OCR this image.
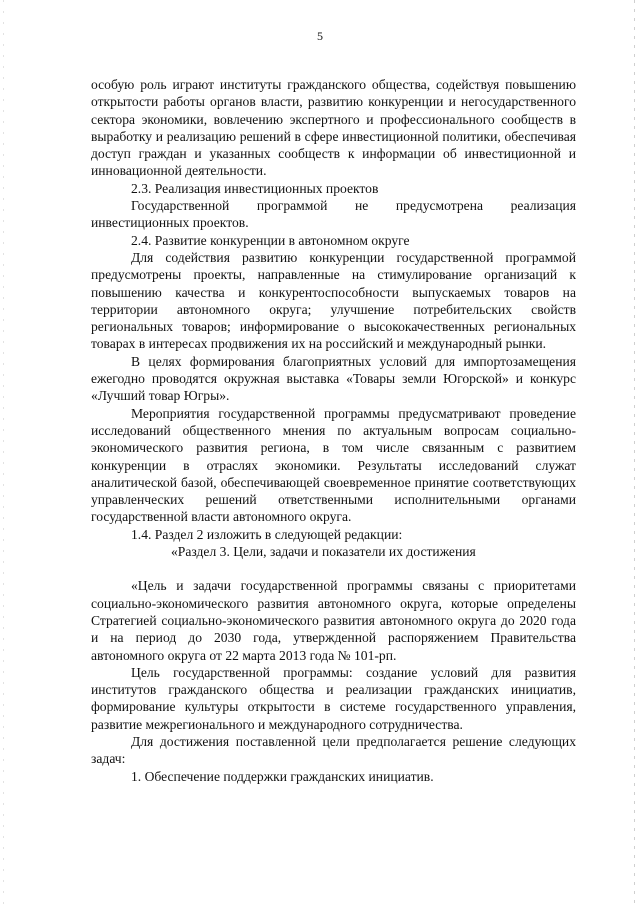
5

особую роль играют институты гражданского общества, содействуя повышению открытости работы органов власти, развитию конкуренции и негосударственного сектора экономики, вовлечению экспертного и профессионального сообществ в выработку и реализацию решений в сфере инвестиционной политики, обеспечивая доступ граждан и указанных сообществ к информации об инвестиционной и инновационной деятельности.

2.3. Реализация инвестиционных проектов

Государственной программой не предусмотрена реализация инвестиционных проектов.

2.4. Развитие конкуренции в автономном округе

Для содействия развитию конкуренции государственной программой предусмотрены проекты, направленные на стимулирование организаций к повышению качества и конкурентоспособности выпускаемых товаров на территории автономного округа; улучшение потребительских свойств региональных товаров; информирование о высококачественных региональных товарах в интересах продвижения их на российский и международный рынки.

В целях формирования благоприятных условий для импортозамещения ежегодно проводятся окружная выставка «Товары земли Югорской» и конкурс «Лучший товар Югры».

Мероприятия государственной программы предусматривают проведение исследований общественного мнения по актуальным вопросам социально-экономического развития региона, в том числе связанным с развитием конкуренции в отраслях экономики. Результаты исследований служат аналитической базой, обеспечивающей своевременное принятие соответствующих управленческих решений ответственными исполнительными органами государственной власти автономного округа.

1.4. Раздел 2 изложить в следующей редакции:

«Раздел 3. Цели, задачи и показатели их достижения

«Цель и задачи государственной программы связаны с приоритетами социально-экономического развития автономного округа, которые определены Стратегией социально-экономического развития автономного округа до 2020 года и на период до 2030 года, утвержденной распоряжением Правительства автономного округа от 22 марта 2013 года № 101-рп.

Цель государственной программы: создание условий для развития институтов гражданского общества и реализации гражданских инициатив, формирование культуры открытости в системе государственного управления, развитие межрегионального и международного сотрудничества.

Для достижения поставленной цели предполагается решение следующих задач:

1. Обеспечение поддержки гражданских инициатив.
